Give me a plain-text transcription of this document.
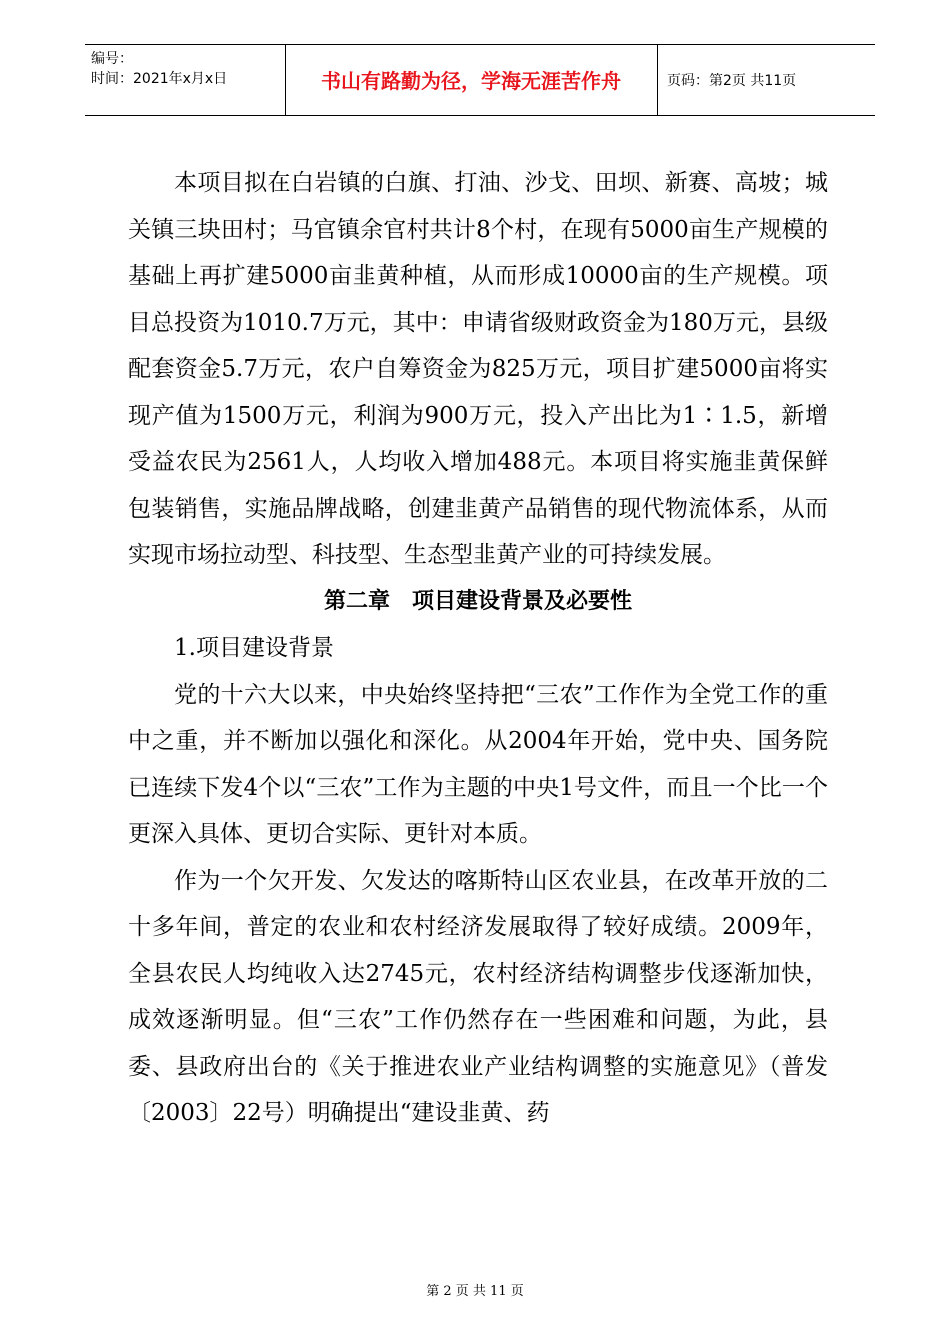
编号：
时间：2021年x月x日	书山有路勤为径，学海无涯苦作舟	页码：第2页 共11页

本项目拟在白岩镇的白旗、打油、沙戈、田坝、新赛、高坡；城关镇三块田村；马官镇余官村共计8个村，在现有5000亩生产规模的基础上再扩建5000亩韭黄种植，从而形成10000亩的生产规模。项目总投资为1010.7万元，其中：申请省级财政资金为180万元，县级配套资金5.7万元，农户自筹资金为825万元，项目扩建5000亩将实现产值为1500万元，利润为900万元，投入产出比为1∶1.5，新增受益农民为2561人，人均收入增加488元。本项目将实施韭黄保鲜包装销售，实施品牌战略，创建韭黄产品销售的现代物流体系，从而实现市场拉动型、科技型、生态型韭黄产业的可持续发展。

第二章　项目建设背景及必要性

1.项目建设背景

党的十六大以来，中央始终坚持把“三农”工作作为全党工作的重中之重，并不断加以强化和深化。从2004年开始，党中央、国务院已连续下发4个以“三农”工作为主题的中央1号文件，而且一个比一个更深入具体、更切合实际、更针对本质。

作为一个欠开发、欠发达的喀斯特山区农业县，在改革开放的二十多年间，普定的农业和农村经济发展取得了较好成绩。2009年，全县农民人均纯收入达2745元，农村经济结构调整步伐逐渐加快，成效逐渐明显。但“三农”工作仍然存在一些困难和问题，为此，县委、县政府出台的《关于推进农业产业结构调整的实施意见》（普发〔2003〕22号）明确提出“建设韭黄、药

第 2 页 共 11 页
